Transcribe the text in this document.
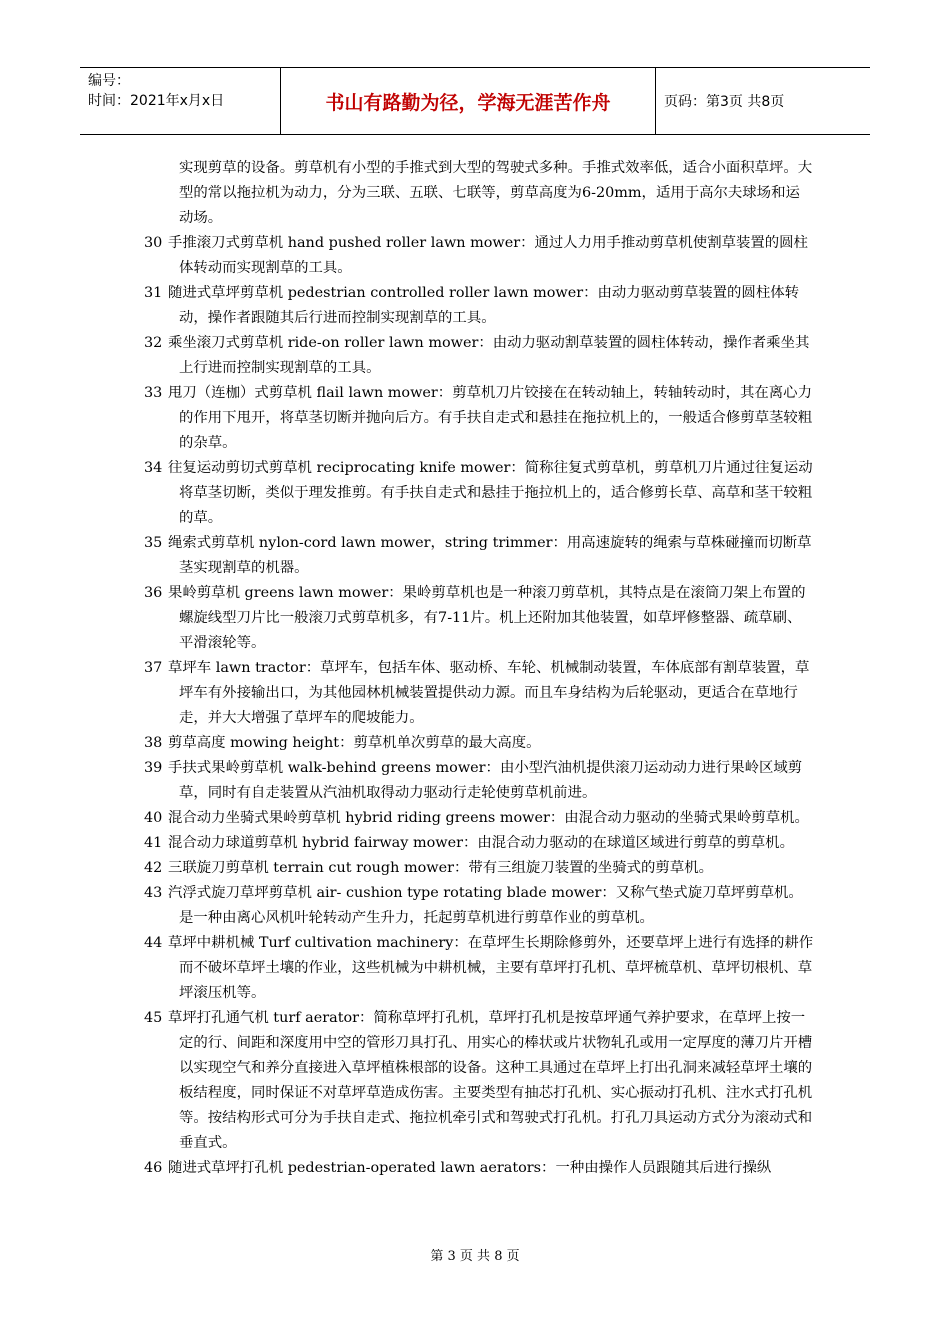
编号：
时间：2021年x月x日	书山有路勤为径，学海无涯苦作舟	页码：第3页 共8页

实现剪草的设备。剪草机有小型的手推式到大型的驾驶式多种。手推式效率低，适合小面积草坪。大型的常以拖拉机为动力，分为三联、五联、七联等，剪草高度为6-20mm，适用于高尔夫球场和运动场。

30 手推滚刀式剪草机 hand pushed roller lawn mower：通过人力用手推动剪草机使割草装置的圆柱体转动而实现割草的工具。

31 随进式草坪剪草机 pedestrian controlled roller lawn mower：由动力驱动剪草装置的圆柱体转动，操作者跟随其后行进而控制实现割草的工具。

32 乘坐滚刀式剪草机 ride-on roller lawn mower：由动力驱动割草装置的圆柱体转动，操作者乘坐其上行进而控制实现割草的工具。

33 甩刀（连枷）式剪草机 flail lawn mower：剪草机刀片铰接在在转动轴上，转轴转动时，其在离心力的作用下甩开，将草茎切断并抛向后方。有手扶自走式和悬挂在拖拉机上的，一般适合修剪草茎较粗的杂草。

34 往复运动剪切式剪草机 reciprocating knife mower：简称往复式剪草机，剪草机刀片通过往复运动将草茎切断，类似于理发推剪。有手扶自走式和悬挂于拖拉机上的，适合修剪长草、高草和茎干较粗的草。

35 绳索式剪草机 nylon-cord lawn mower，string trimmer：用高速旋转的绳索与草株碰撞而切断草茎实现割草的机器。

36 果岭剪草机 greens lawn mower：果岭剪草机也是一种滚刀剪草机，其特点是在滚筒刀架上布置的螺旋线型刀片比一般滚刀式剪草机多，有7-11片。机上还附加其他装置，如草坪修整器、疏草刷、平滑滚轮等。

37 草坪车 lawn tractor：草坪车，包括车体、驱动桥、车轮、机械制动装置，车体底部有割草装置，草坪车有外接输出口，为其他园林机械装置提供动力源。而且车身结构为后轮驱动，更适合在草地行走，并大大增强了草坪车的爬坡能力。

38 剪草高度 mowing height：剪草机单次剪草的最大高度。

39 手扶式果岭剪草机 walk-behind greens mower：由小型汽油机提供滚刀运动动力进行果岭区域剪草，同时有自走装置从汽油机取得动力驱动行走轮使剪草机前进。

40 混合动力坐骑式果岭剪草机 hybrid riding greens mower：由混合动力驱动的坐骑式果岭剪草机。

41 混合动力球道剪草机 hybrid fairway mower：由混合动力驱动的在球道区域进行剪草的剪草机。

42 三联旋刀剪草机 terrain cut rough mower：带有三组旋刀装置的坐骑式的剪草机。

43 汽浮式旋刀草坪剪草机 air- cushion type rotating blade mower：又称气垫式旋刀草坪剪草机。是一种由离心风机叶轮转动产生升力，托起剪草机进行剪草作业的剪草机。

44 草坪中耕机械 Turf cultivation machinery：在草坪生长期除修剪外，还要草坪上进行有选择的耕作而不破坏草坪土壤的作业，这些机械为中耕机械，主要有草坪打孔机、草坪梳草机、草坪切根机、草坪滚压机等。

45 草坪打孔通气机 turf aerator：简称草坪打孔机，草坪打孔机是按草坪通气养护要求，在草坪上按一定的行、间距和深度用中空的管形刀具打孔、用实心的棒状或片状物轧孔或用一定厚度的薄刀片开槽以实现空气和养分直接进入草坪植株根部的设备。这种工具通过在草坪上打出孔洞来减轻草坪土壤的板结程度，同时保证不对草坪草造成伤害。主要类型有抽芯打孔机、实心振动打孔机、注水式打孔机等。按结构形式可分为手扶自走式、拖拉机牵引式和驾驶式打孔机。打孔刀具运动方式分为滚动式和垂直式。

46 随进式草坪打孔机 pedestrian-operated lawn aerators：一种由操作人员跟随其后进行操纵

第 3 页 共 8 页
